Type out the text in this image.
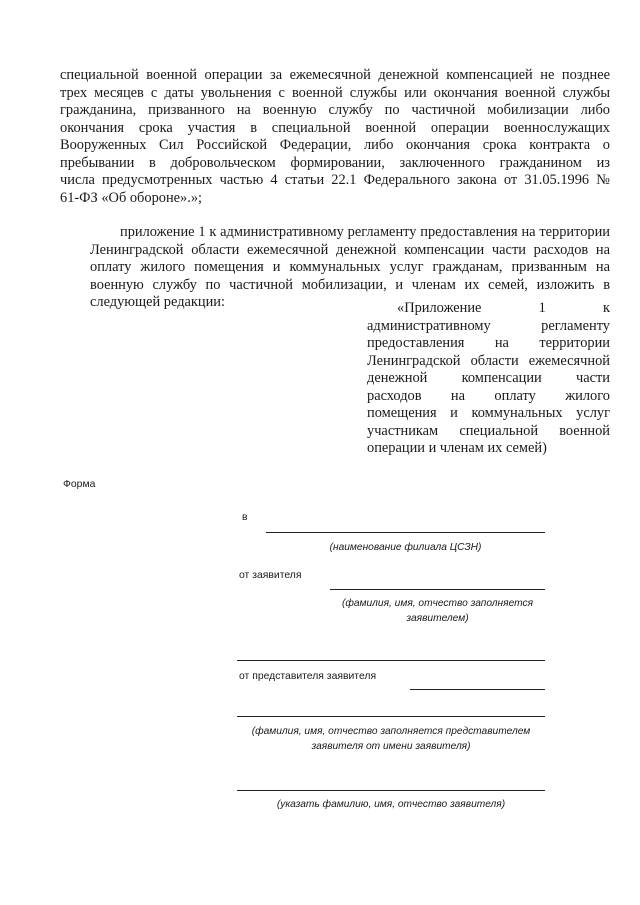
специальной военной операции за ежемесячной денежной компенсацией не позднее
трех месяцев с даты увольнения с военной службы или окончания военной службы
гражданина, призванного на военную службу по частичной мобилизации либо
окончания срока участия в специальной военной операции военнослужащих
Вооруженных Сил Российской Федерации, либо окончания срока контракта о
пребывании в добровольческом формировании, заключенного гражданином из
числа предусмотренных частью 4 статьи 22.1 Федерального закона от 31.05.1996 №
61-ФЗ «Об обороне».»;
приложение 1 к административному регламенту предоставления на территории
Ленинградской области ежемесячной денежной компенсации части расходов на
оплату жилого помещения и коммунальных услуг гражданам, призванным на
военную службу по частичной мобилизации, и членам их семей, изложить в
следующей редакции:	«Приложение 1 к
административному регламенту
предоставления на территории
Ленинградской области ежемесячной
денежной компенсации части
расходов на оплату жилого
помещения и коммунальных услуг
участникам специальной военной
операции и членам их семей)
Форма
в
(наименование филиала ЦСЗН)
от заявителя
(фамилия, имя, отчество заполняется
заявителем)
от представителя заявителя
(фамилия, имя, отчество заполняется представителем
заявителя от имени заявителя)
(указать фамилию, имя, отчество заявителя)
